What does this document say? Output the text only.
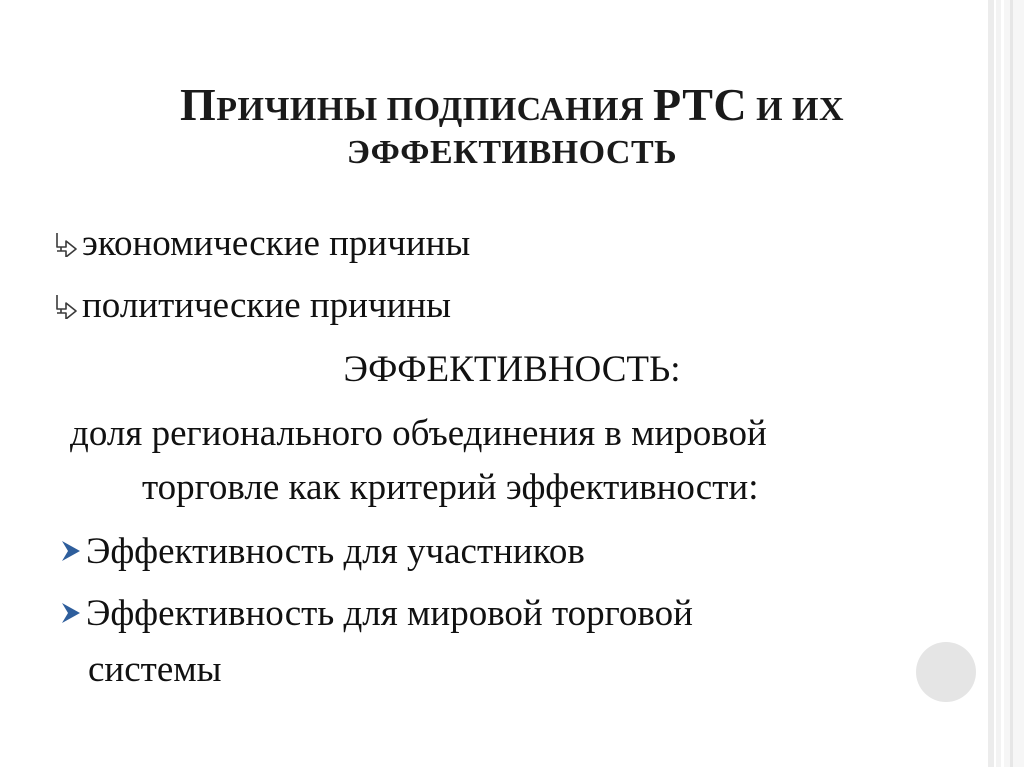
ПРИЧИНЫ ПОДПИСАНИЯ РТС И ИХ
ЭФФЕКТИВНОСТЬ
экономические причины
политические причины
ЭФФЕКТИВНОСТЬ:
доля регионального объединения в мировой
торговле как критерий эффективности:
Эффективность для участников
Эффективность для мировой торговой
системы
